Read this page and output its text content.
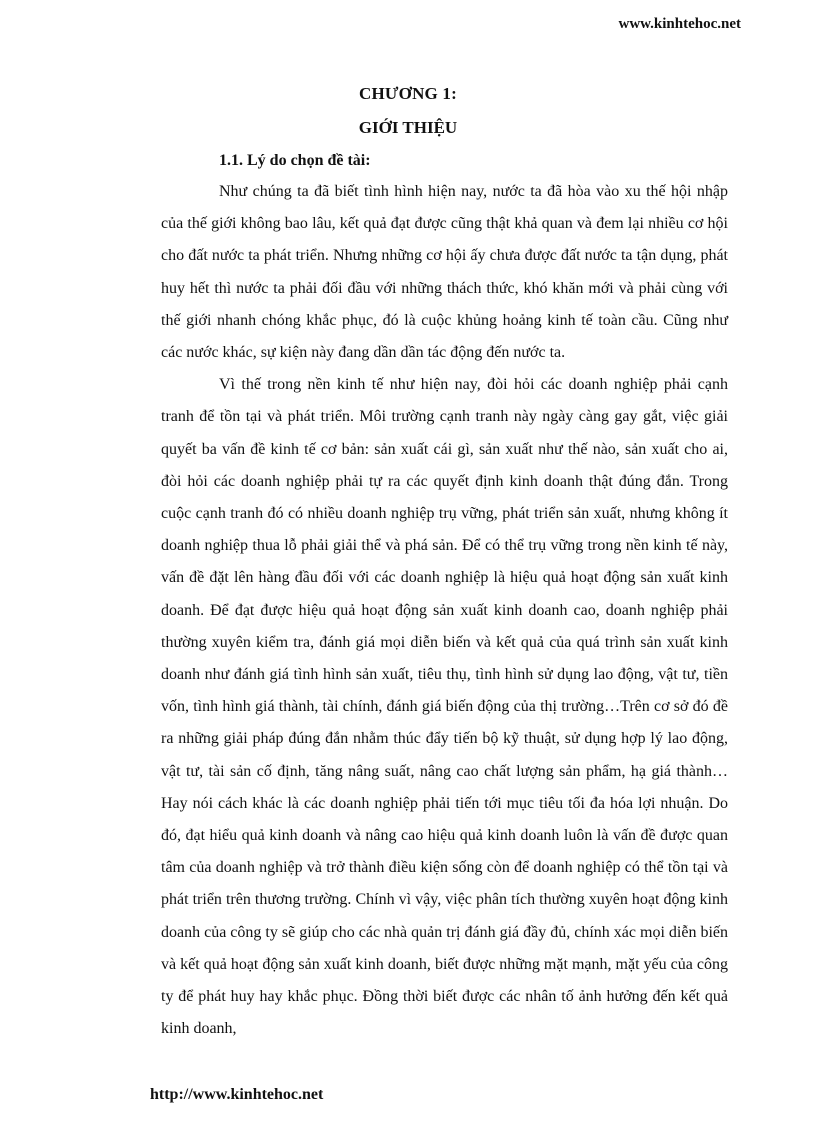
www.kinhtehoc.net
CHƯƠNG 1:
GIỚI THIỆU
1.1. Lý do chọn đề tài:

Như chúng ta đã biết tình hình hiện nay, nước ta đã hòa vào xu thế hội nhập của thế giới không bao lâu, kết quả đạt được cũng thật khả quan và đem lại nhiều cơ hội cho đất nước ta phát triển. Nhưng những cơ hội ấy chưa được đất nước ta tận dụng, phát huy hết thì nước ta phải đối đầu với những thách thức, khó khăn mới và phải cùng với thế giới nhanh chóng khắc phục, đó là cuộc khủng hoảng kinh tế toàn cầu. Cũng như các nước khác, sự kiện này đang dần dần tác động đến nước ta.

Vì thế trong nền kinh tế như hiện nay, đòi hỏi các doanh nghiệp phải cạnh tranh để tồn tại và phát triển. Môi trường cạnh tranh này ngày càng gay gắt, việc giải quyết ba vấn đề kinh tế cơ bản: sản xuất cái gì, sản xuất như thế nào, sản xuất cho ai, đòi hỏi các doanh nghiệp phải tự ra các quyết định kinh doanh thật đúng đắn. Trong cuộc cạnh tranh đó có nhiều doanh nghiệp trụ vững, phát triển sản xuất, nhưng không ít doanh nghiệp thua lỗ phải giải thể và phá sản. Để có thể trụ vững trong nền kinh tế này, vấn đề đặt lên hàng đầu đối với các doanh nghiệp là hiệu quả hoạt động sản xuất kinh doanh. Để đạt được hiệu quả hoạt động sản xuất kinh doanh cao, doanh nghiệp phải thường xuyên kiểm tra, đánh giá mọi diễn biến và kết quả của quá trình sản xuất kinh doanh như đánh giá tình hình sản xuất, tiêu thụ, tình hình sử dụng lao động, vật tư, tiền vốn, tình hình giá thành, tài chính, đánh giá biến động của thị trường…Trên cơ sở đó đề ra những giải pháp đúng đắn nhằm thúc đẩy tiến bộ kỹ thuật, sử dụng hợp lý lao động, vật tư, tài sản cố định, tăng nâng suất, nâng cao chất lượng sản phẩm, hạ giá thành…Hay nói cách khác là các doanh nghiệp phải tiến tới mục tiêu tối đa hóa lợi nhuận. Do đó, đạt hiểu quả kinh doanh và nâng cao hiệu quả kinh doanh luôn là vấn đề được quan tâm của doanh nghiệp và trở thành điều kiện sống còn để doanh nghiệp có thể tồn tại và phát triển trên thương trường. Chính vì vậy, việc phân tích thường xuyên hoạt động kinh doanh của công ty sẽ giúp cho các nhà quản trị đánh giá đầy đủ, chính xác mọi diễn biến và kết quả hoạt động sản xuất kinh doanh, biết được những mặt mạnh, mặt yếu của công ty để phát huy hay khắc phục. Đồng thời biết được các nhân tố ảnh hưởng đến kết quả kinh doanh,

http://www.kinhtehoc.net
